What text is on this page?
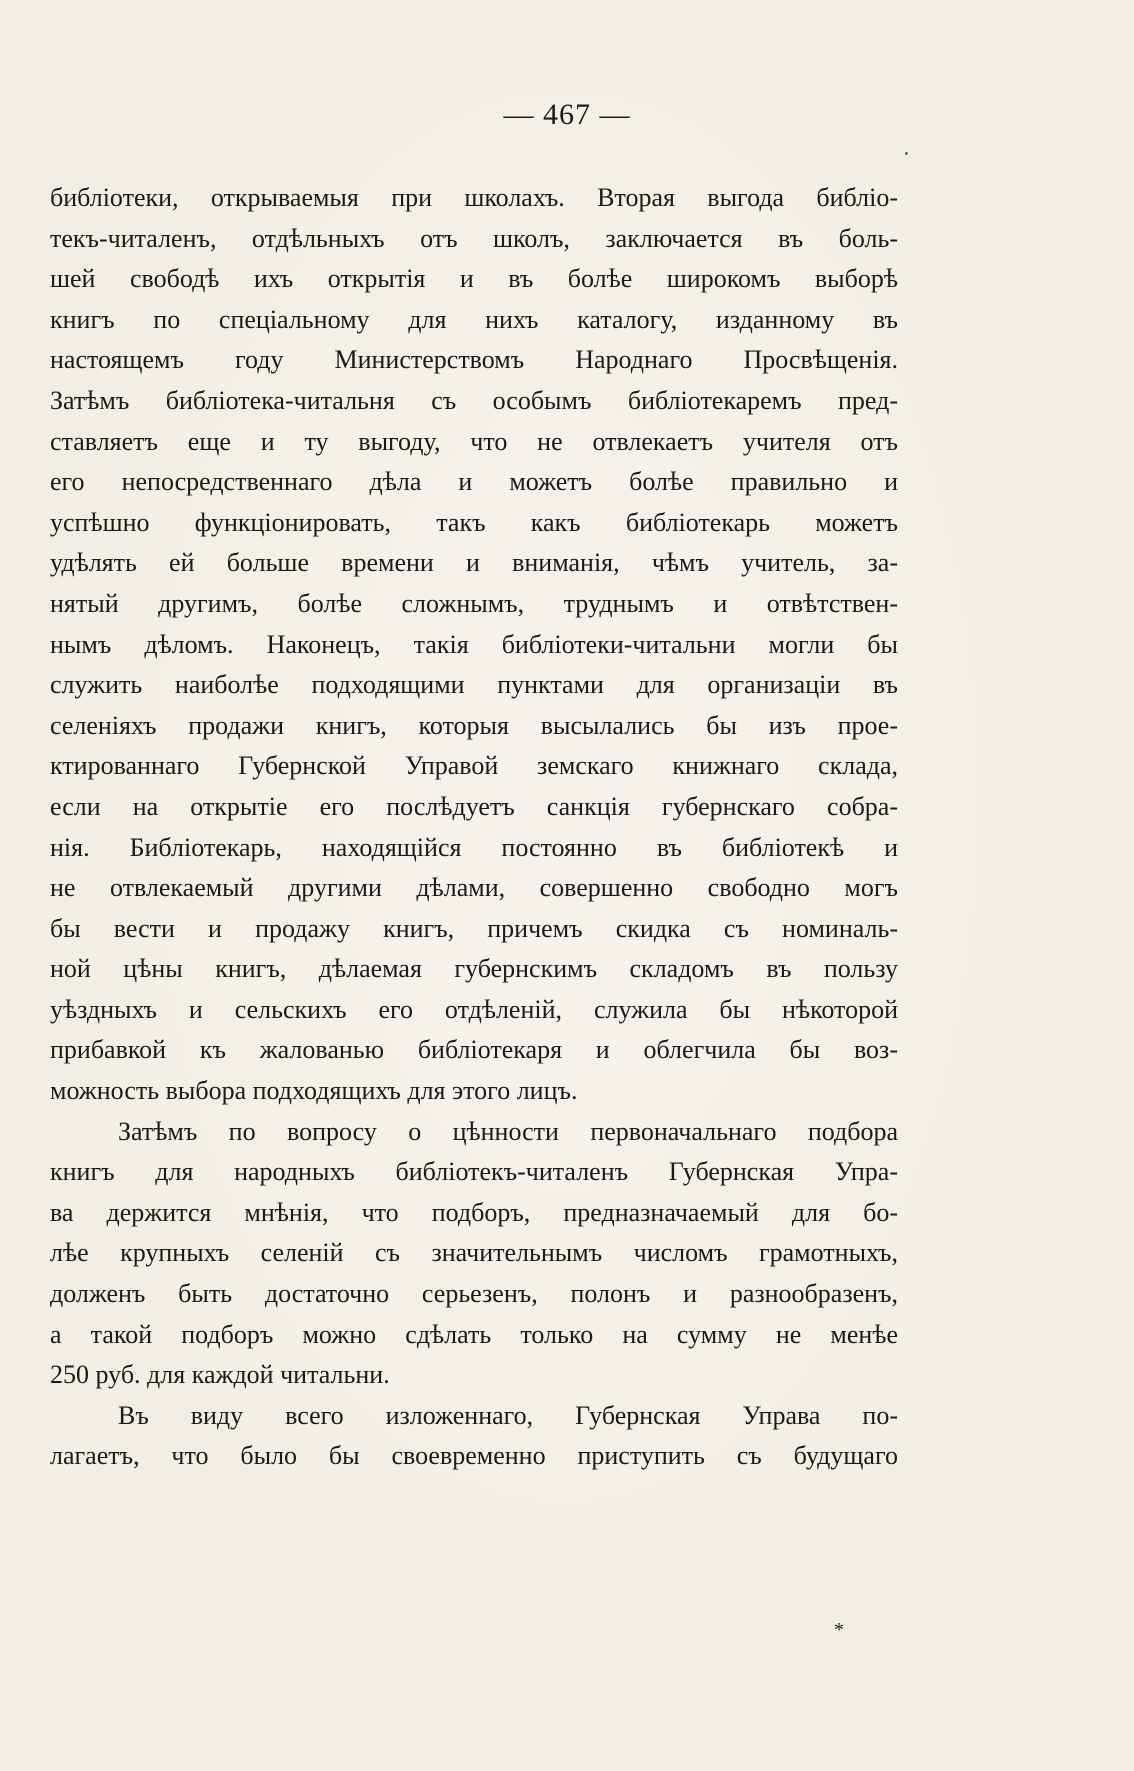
— 467 —
библіотеки, открываемыя при школахъ. Вторая выгода библіо-
текъ-читаленъ, отдѣльныхъ отъ школъ, заключается въ боль-
шей свободѣ ихъ открытія и въ болѣе широкомъ выборѣ
книгъ по спеціальному для нихъ каталогу, изданному въ
настоящемъ году Министерствомъ Народнаго Просвѣщенія.
Затѣмъ библіотека-читальня съ особымъ библіотекаремъ пред-
ставляетъ еще и ту выгоду, что не отвлекаетъ учителя отъ
его непосредственнаго дѣла и можетъ болѣе правильно и
успѣшно функціонировать, такъ какъ библіотекарь можетъ
удѣлять ей больше времени и вниманія, чѣмъ учитель, за-
нятый другимъ, болѣе сложнымъ, труднымъ и отвѣтствен-
нымъ дѣломъ. Наконецъ, такія библіотеки-читальни могли бы
служить наиболѣе подходящими пунктами для организаціи въ
селеніяхъ продажи книгъ, которыя высылались бы изъ прое-
ктированнаго Губернской Управой земскаго книжнаго склада,
если на открытіе его послѣдуетъ санкція губернскаго собра-
нія. Библіотекарь, находящійся постоянно въ библіотекѣ и
не отвлекаемый другими дѣлами, совершенно свободно могъ
бы вести и продажу книгъ, причемъ скидка съ номиналь-
ной цѣны книгъ, дѣлаемая губернскимъ складомъ въ пользу
уѣздныхъ и сельскихъ его отдѣленій, служила бы нѣкоторой
прибавкой къ жалованью библіотекаря и облегчила бы воз-
можность выбора подходящихъ для этого лицъ.
Затѣмъ по вопросу о цѣнности первоначальнаго подбора
книгъ для народныхъ библіотекъ-читаленъ Губернская Упра-
ва держится мнѣнія, что подборъ, предназначаемый для бо-
лѣе крупныхъ селеній съ значительнымъ числомъ грамотныхъ,
долженъ быть достаточно серьезенъ, полонъ и разнообразенъ,
а такой подборъ можно сдѣлать только на сумму не менѣе
250 руб. для каждой читальни.
Въ виду всего изложеннаго, Губернская Управа по-
лагаетъ, что было бы своевременно приступить съ будущаго
*
